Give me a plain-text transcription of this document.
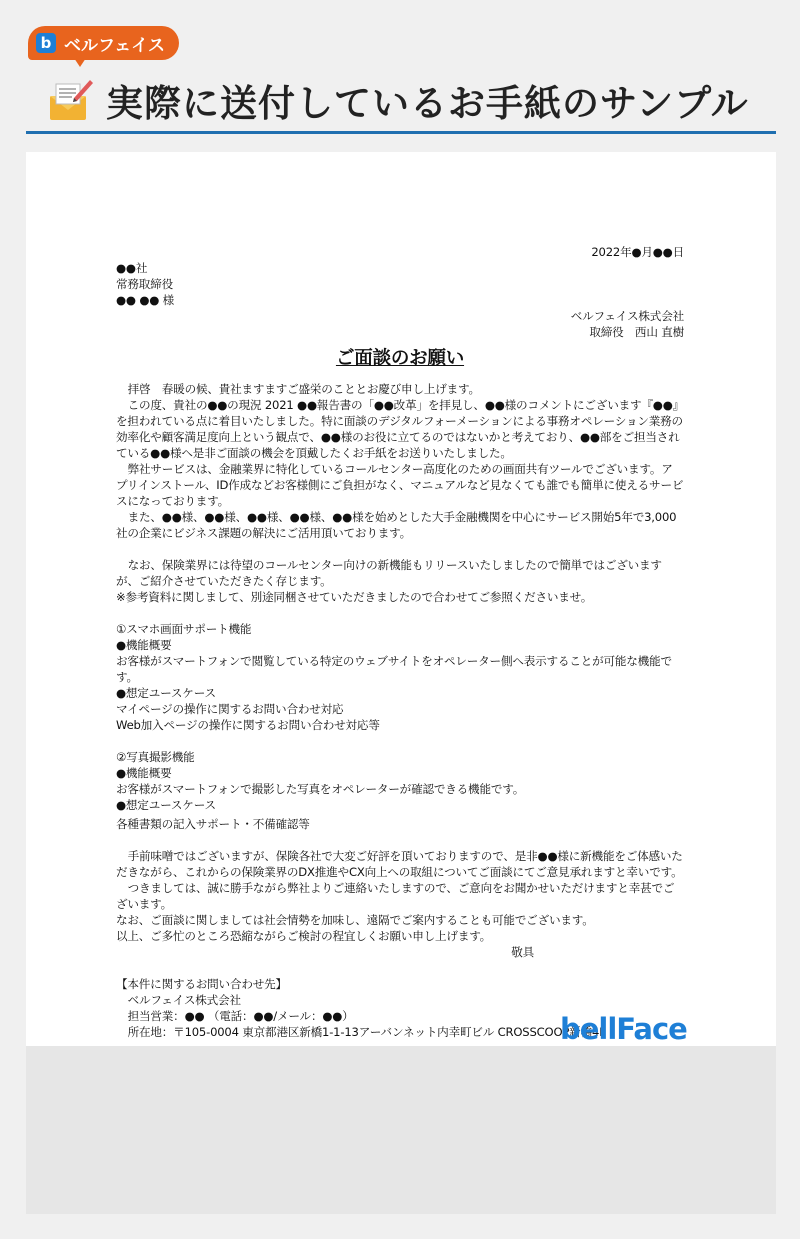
b ベルフェイス
実際に送付しているお手紙のサンプル
2022年●月●●日
●●社
常務取締役
●● ●● 様
ベルフェイス株式会社
取締役　西山 直樹
ご面談のお願い

拝啓　春暖の候、貴社ますますご盛栄のこととお慶び申し上げます。

この度、貴社の●●の現況 2021 ●●報告書の「●●改革」を拝見し、●●様のコメントにございます『●●』を担われている点に着目いたしました。特に面談のデジタルフォーメーションによる事務オペレーション業務の効率化や顧客満足度向上という観点で、●●様のお役に立てるのではないかと考えており、●●部をご担当されている●●様へ是非ご面談の機会を頂戴したくお手紙をお送りいたしました。

弊社サービスは、金融業界に特化しているコールセンター高度化のための画面共有ツールでございます。アプリインストール、ID作成などお客様側にご負担がなく、マニュアルなど見なくても誰でも簡単に使えるサービスになっております。

また、●●様、●●様、●●様、●●様、●●様を始めとした大手金融機関を中心にサービス開始5年で3,000社の企業にビジネス課題の解決にご活用頂いております。

なお、保険業界には待望のコールセンター向けの新機能もリリースいたしましたので簡単ではございますが、ご紹介させていただきたく存じます。

※参考資料に関しまして、別途同梱させていただきましたので合わせてご参照くださいませ。

①スマホ画面サポート機能
●機能概要
お客様がスマートフォンで閲覧している特定のウェブサイトをオペレーター側へ表示することが可能な機能です。
●想定ユースケース
マイページの操作に関するお問い合わせ対応
Web加入ページの操作に関するお問い合わせ対応等
②写真撮影機能
●機能概要
お客様がスマートフォンで撮影した写真をオペレーターが確認できる機能です。
●想定ユースケース
各種書類の記入サポート・不備確認等

手前味噌ではございますが、保険各社で大変ご好評を頂いておりますので、是非●●様に新機能をご体感いただきながら、これからの保険業界のDX推進やCX向上への取組についてご面談にてご意見承れますと幸いです。

つきましては、誠に勝手ながら弊社よりご連絡いたしますので、ご意向をお聞かせいただけますと幸甚でございます。

なお、ご面談に関しましては社会情勢を加味し、遠隔でご案内することも可能でございます。

以上、ご多忙のところ恐縮ながらご検討の程宜しくお願い申し上げます。

敬具
【本件に関するお問い合わせ先】
ベルフェイス株式会社
担当営業：●● （電話：●●/メール：●●）
所在地：〒105-0004 東京都港区新橋1-1-13アーバンネット内幸町ビル CROSSCOOP新橋4F
bellFace
